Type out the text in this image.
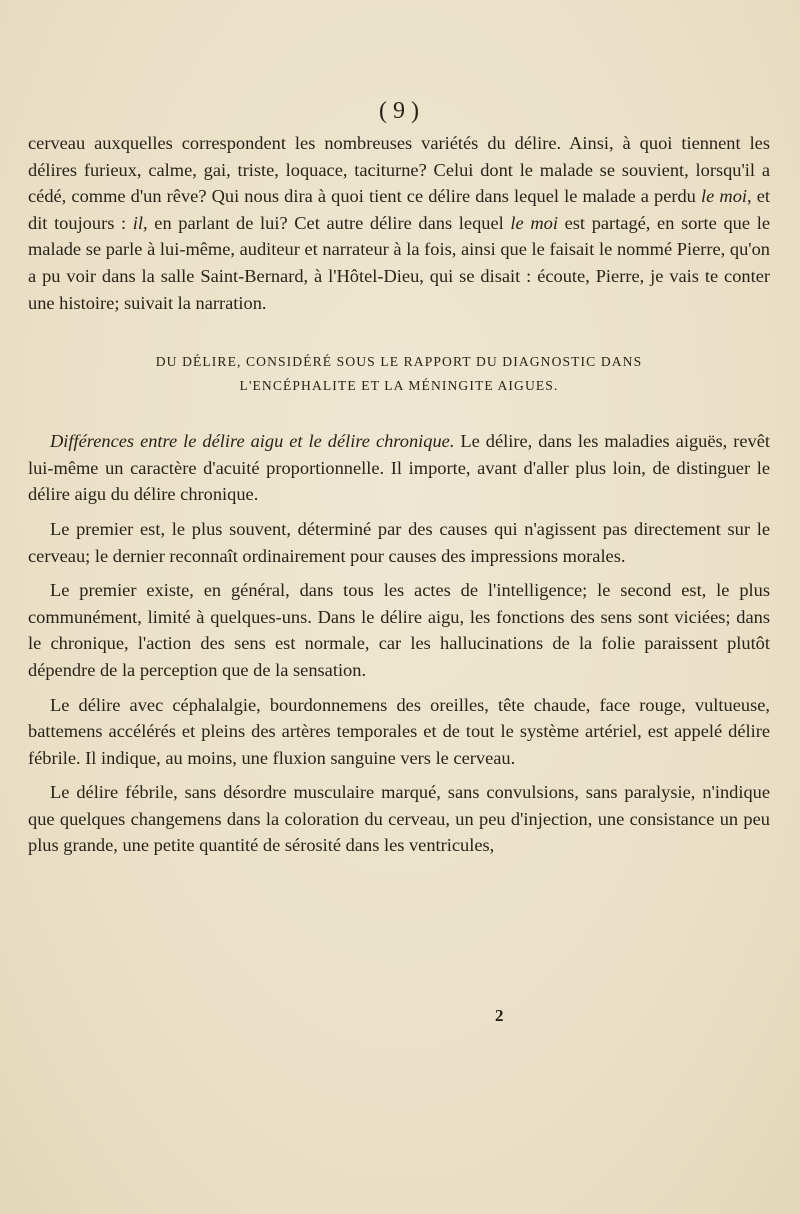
( 9 )

cerveau auxquelles correspondent les nombreuses variétés du délire. Ainsi, à quoi tiennent les délires furieux, calme, gai, triste, loquace, taciturne? Celui dont le malade se souvient, lorsqu'il a cédé, comme d'un rêve? Qui nous dira à quoi tient ce délire dans lequel le malade a perdu le moi, et dit toujours : il, en parlant de lui? Cet autre délire dans lequel le moi est partagé, en sorte que le malade se parle à lui-même, auditeur et narrateur à la fois, ainsi que le faisait le nommé Pierre, qu'on a pu voir dans la salle Saint-Bernard, à l'Hôtel-Dieu, qui se disait : écoute, Pierre, je vais te conter une histoire; suivait la narration.

DU DÉLIRE, CONSIDÉRÉ SOUS LE RAPPORT DU DIAGNOSTIC DANS
L'ENCÉPHALITE ET LA MÉNINGITE AIGUES.

Différences entre le délire aigu et le délire chronique. Le délire, dans les maladies aiguës, revêt lui-même un caractère d'acuité proportionnelle. Il importe, avant d'aller plus loin, de distinguer le délire aigu du délire chronique.

Le premier est, le plus souvent, déterminé par des causes qui n'agissent pas directement sur le cerveau; le dernier reconnaît ordinairement pour causes des impressions morales.

Le premier existe, en général, dans tous les actes de l'intelligence; le second est, le plus communément, limité à quelques-uns. Dans le délire aigu, les fonctions des sens sont viciées; dans le chronique, l'action des sens est normale, car les hallucinations de la folie paraissent plutôt dépendre de la perception que de la sensation.

Le délire avec céphalalgie, bourdonnemens des oreilles, tête chaude, face rouge, vultueuse, battemens accélérés et pleins des artères temporales et de tout le système artériel, est appelé délire fébrile. Il indique, au moins, une fluxion sanguine vers le cerveau.

Le délire fébrile, sans désordre musculaire marqué, sans convulsions, sans paralysie, n'indique que quelques changemens dans la coloration du cerveau, un peu d'injection, une consistance un peu plus grande, une petite quantité de sérosité dans les ventricules,

2
